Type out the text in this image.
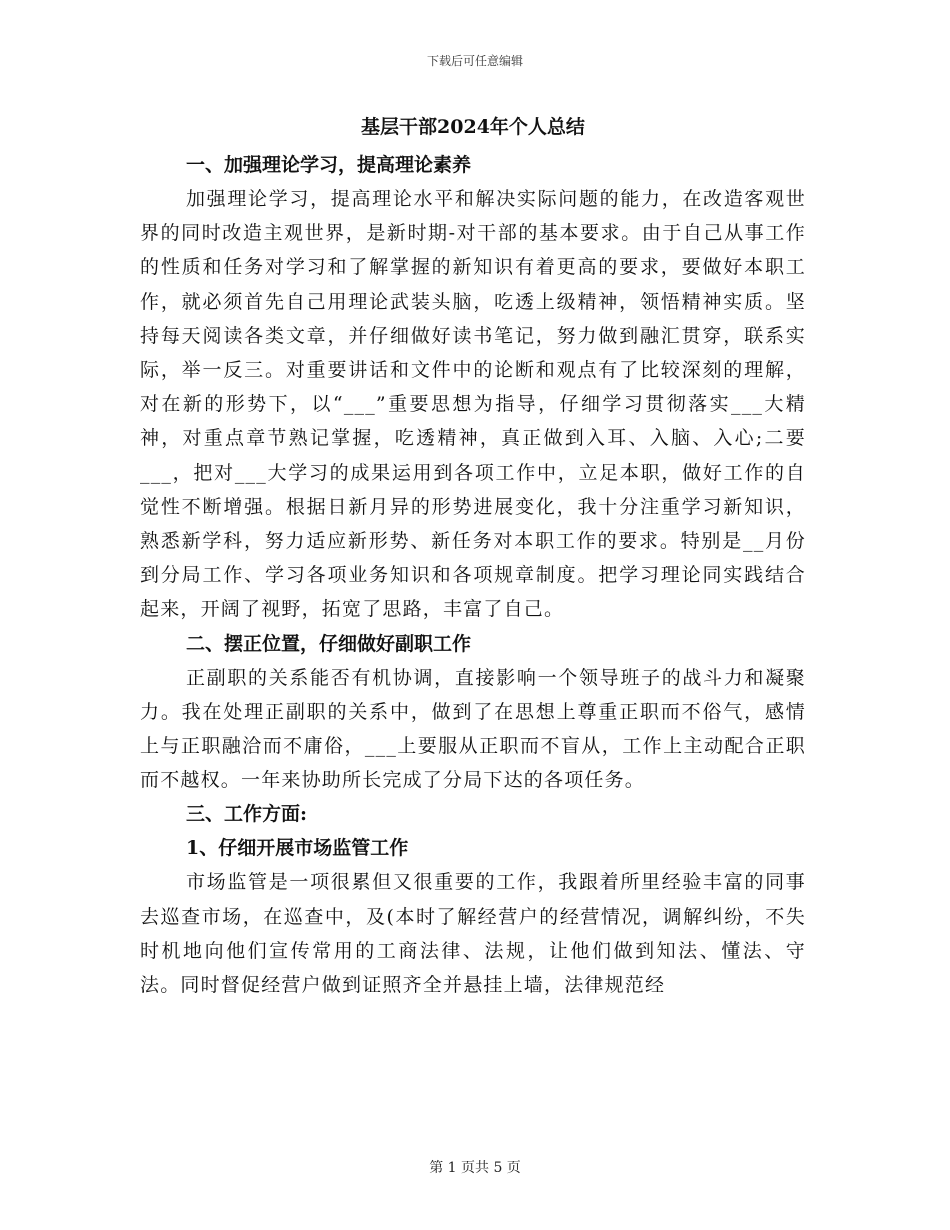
下载后可任意编辑
基层干部2024年个人总结
一、加强理论学习，提高理论素养

加强理论学习，提高理论水平和解决实际问题的能力，在改造客观世界的同时改造主观世界，是新时期-对干部的基本要求。由于自己从事工作的性质和任务对学习和了解掌握的新知识有着更高的要求，要做好本职工作，就必须首先自己用理论武装头脑，吃透上级精神，领悟精神实质。坚持每天阅读各类文章，并仔细做好读书笔记，努力做到融汇贯穿，联系实际，举一反三。对重要讲话和文件中的论断和观点有了比较深刻的理解，对在新的形势下，以“___”重要思想为指导，仔细学习贯彻落实___大精神，对重点章节熟记掌握，吃透精神，真正做到入耳、入脑、入心;二要___，把对___大学习的成果运用到各项工作中，立足本职，做好工作的自觉性不断增强。根据日新月异的形势进展变化，我十分注重学习新知识，熟悉新学科，努力适应新形势、新任务对本职工作的要求。特别是__月份到分局工作、学习各项业务知识和各项规章制度。把学习理论同实践结合起来，开阔了视野，拓宽了思路，丰富了自己。

二、摆正位置，仔细做好副职工作

正副职的关系能否有机协调，直接影响一个领导班子的战斗力和凝聚力。我在处理正副职的关系中，做到了在思想上尊重正职而不俗气，感情上与正职融洽而不庸俗，___上要服从正职而不盲从，工作上主动配合正职而不越权。一年来协助所长完成了分局下达的各项任务。

三、工作方面:
1、仔细开展市场监管工作

市场监管是一项很累但又很重要的工作，我跟着所里经验丰富的同事去巡查市场，在巡查中，及(本时了解经营户的经营情况，调解纠纷，不失时机地向他们宣传常用的工商法律、法规，让他们做到知法、懂法、守法。同时督促经营户做到证照齐全并悬挂上墙，法律规范经

第 1 页共 5 页
